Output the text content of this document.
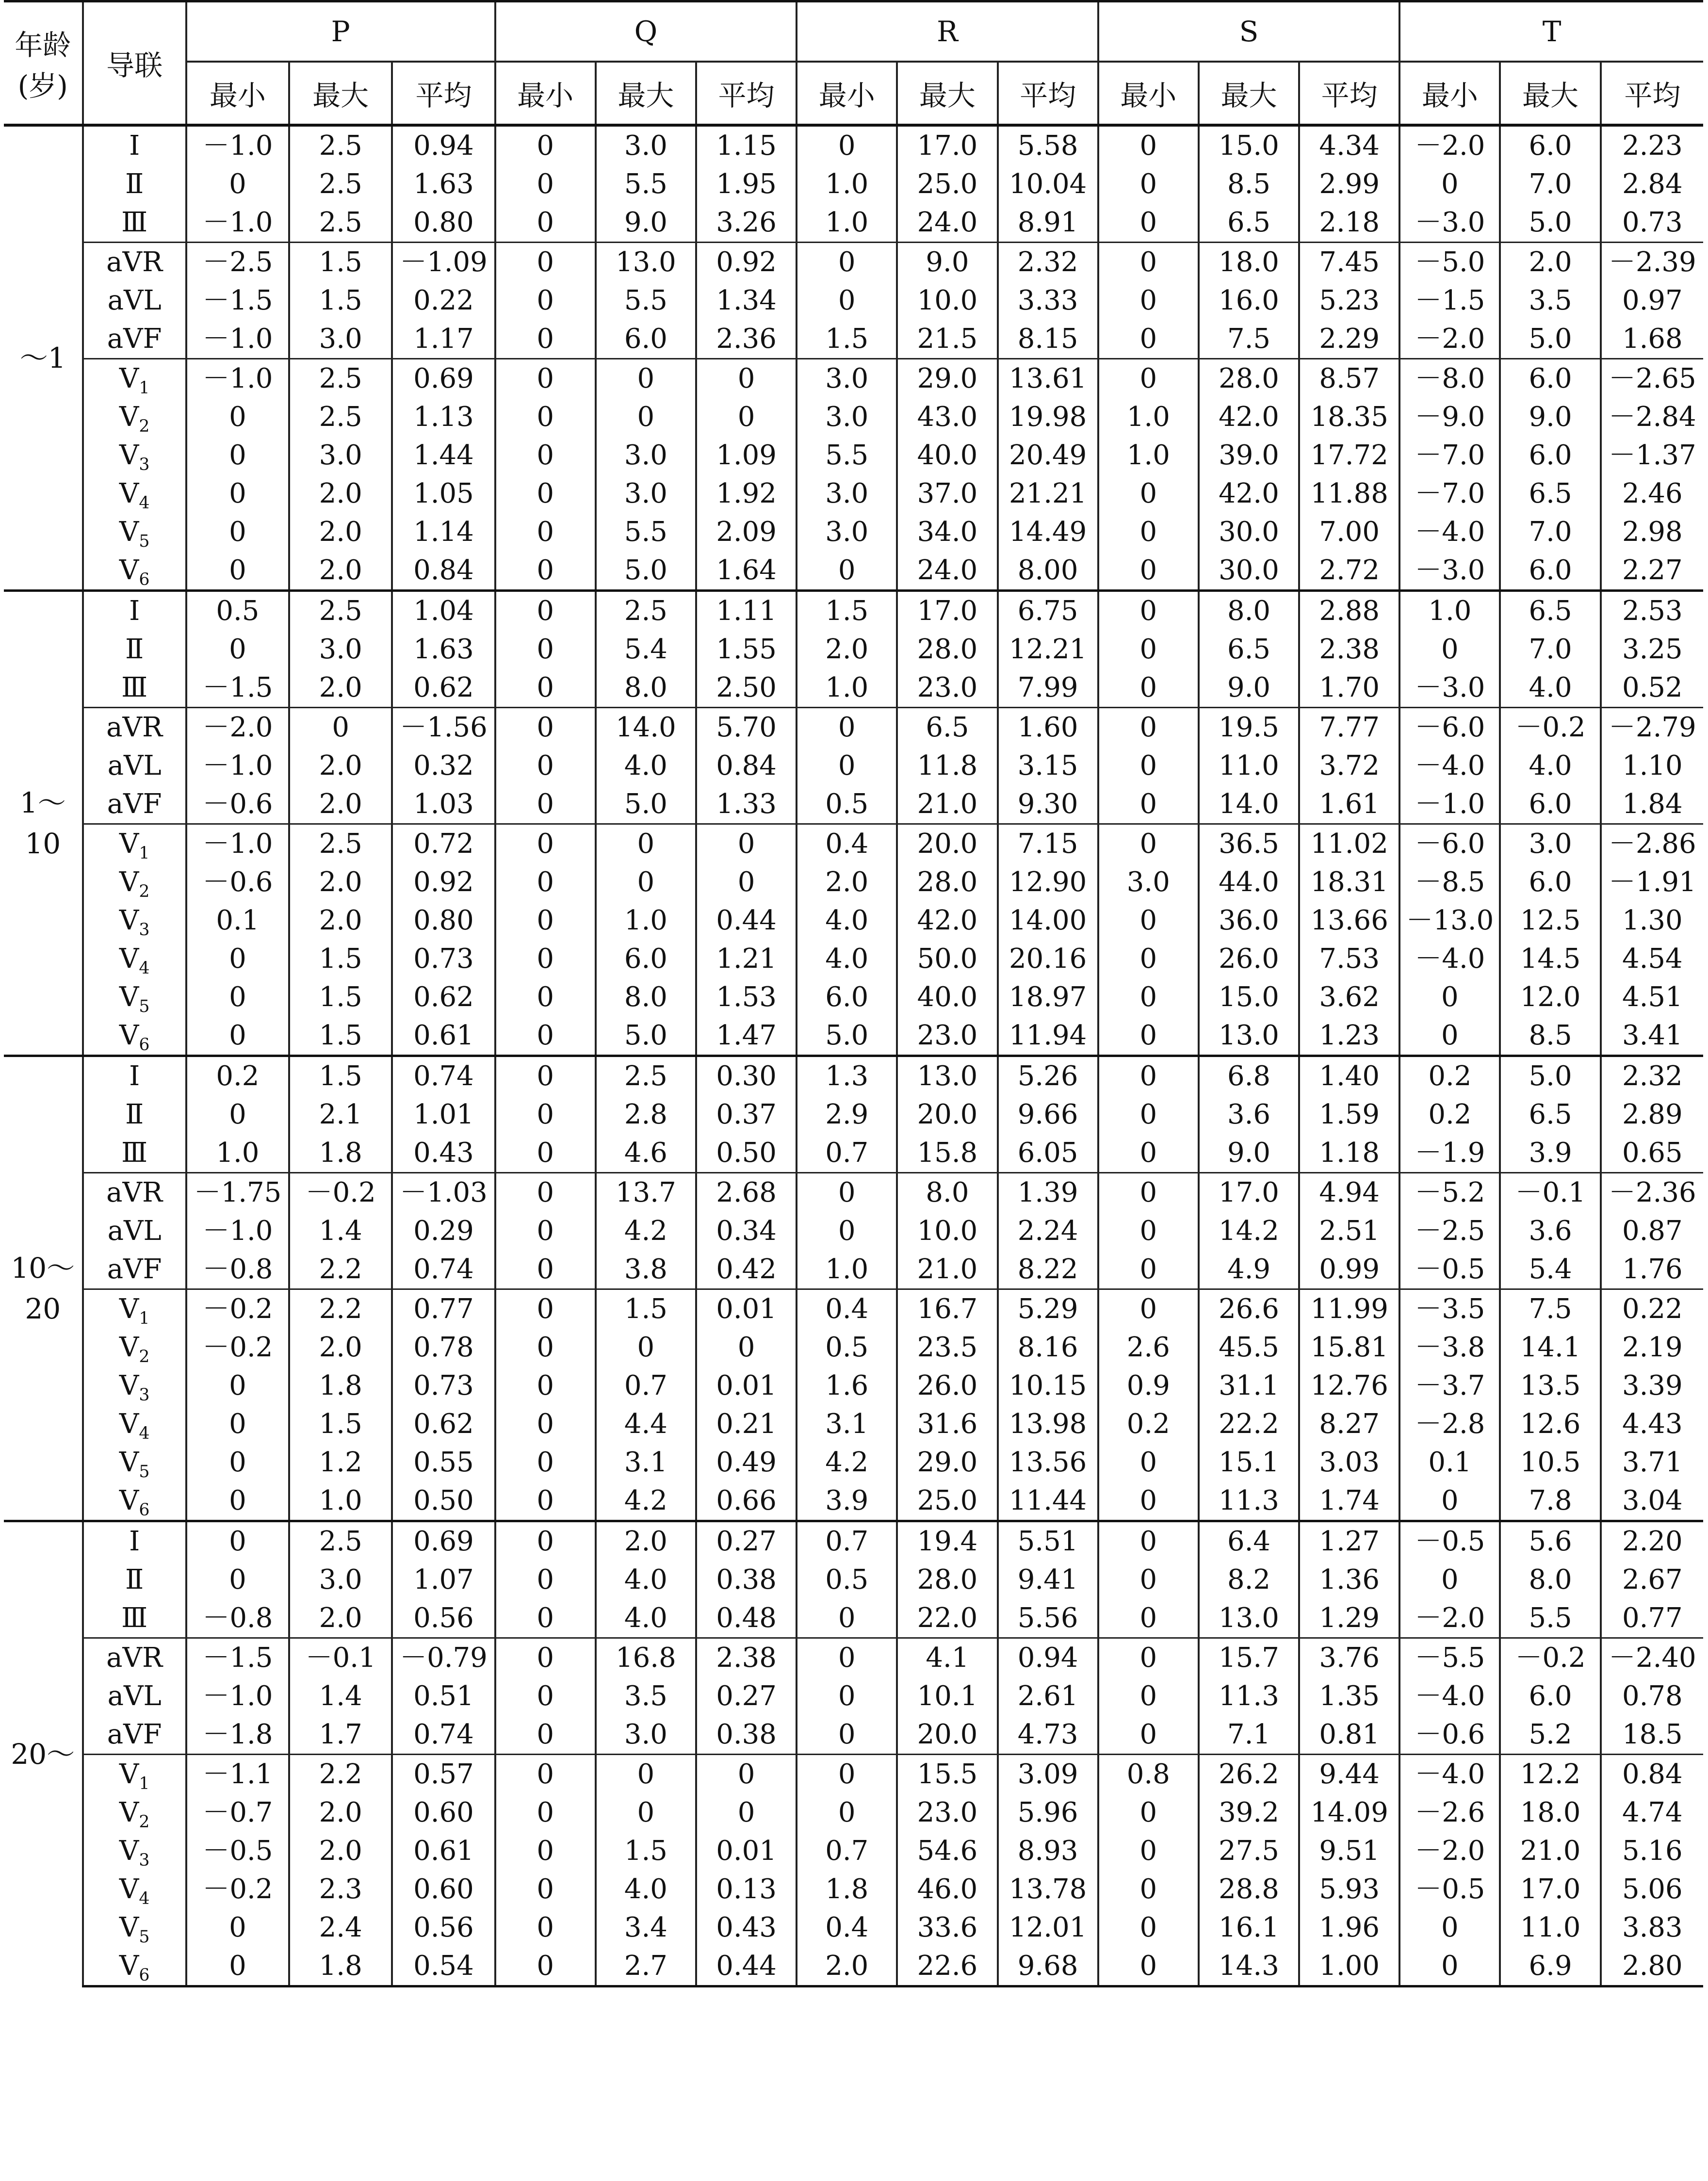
年龄
(岁)	导联	P			Q			R			S			T		
		最小	最大	平均	最小	最大	平均	最小	最大	平均	最小	最大	平均	最小	最大	平均

～1	Ⅰ	－1.0	2.5	0.94	0	3.0	1.15	0	17.0	5.58	0	15.0	4.34	－2.0	6.0	2.23
	Ⅱ	0	2.5	1.63	0	5.5	1.95	1.0	25.0	10.04	0	8.5	2.99	0	7.0	2.84
	Ⅲ	－1.0	2.5	0.80	0	9.0	3.26	1.0	24.0	8.91	0	6.5	2.18	－3.0	5.0	0.73
	aVR	－2.5	1.5	－1.09	0	13.0	0.92	0	9.0	2.32	0	18.0	7.45	－5.0	2.0	－2.39
	aVL	－1.5	1.5	0.22	0	5.5	1.34	0	10.0	3.33	0	16.0	5.23	－1.5	3.5	0.97
	aVF	－1.0	3.0	1.17	0	6.0	2.36	1.5	21.5	8.15	0	7.5	2.29	－2.0	5.0	1.68
	$V_1$	－1.0	2.5	0.69	0	0	0	3.0	29.0	13.61	0	28.0	8.57	－8.0	6.0	－2.65
	$V_2$	0	2.5	1.13	0	0	0	3.0	43.0	19.98	1.0	42.0	18.35	－9.0	9.0	－2.84
	$V_3$	0	3.0	1.44	0	3.0	1.09	5.5	40.0	20.49	1.0	39.0	17.72	－7.0	6.0	－1.37
	$V_4$	0	2.0	1.05	0	3.0	1.92	3.0	37.0	21.21	0	42.0	11.88	－7.0	6.5	2.46
	$V_5$	0	2.0	1.14	0	5.5	2.09	3.0	34.0	14.49	0	30.0	7.00	－4.0	7.0	2.98
	$V_6$	0	2.0	0.84	0	5.0	1.64	0	24.0	8.00	0	30.0	2.72	－3.0	6.0	2.27

1～
10	Ⅰ	0.5	2.5	1.04	0	2.5	1.11	1.5	17.0	6.75	0	8.0	2.88	1.0	6.5	2.53
	Ⅱ	0	3.0	1.63	0	5.4	1.55	2.0	28.0	12.21	0	6.5	2.38	0	7.0	3.25
	Ⅲ	－1.5	2.0	0.62	0	8.0	2.50	1.0	23.0	7.99	0	9.0	1.70	－3.0	4.0	0.52
	aVR	－2.0	0	－1.56	0	14.0	5.70	0	6.5	1.60	0	19.5	7.77	－6.0	－0.2	－2.79
	aVL	－1.0	2.0	0.32	0	4.0	0.84	0	11.8	3.15	0	11.0	3.72	－4.0	4.0	1.10
	aVF	－0.6	2.0	1.03	0	5.0	1.33	0.5	21.0	9.30	0	14.0	1.61	－1.0	6.0	1.84
	$V_1$	－1.0	2.5	0.72	0	0	0	0.4	20.0	7.15	0	36.5	11.02	－6.0	3.0	－2.86
	$V_2$	－0.6	2.0	0.92	0	0	0	2.0	28.0	12.90	3.0	44.0	18.31	－8.5	6.0	－1.91
	$V_3$	0.1	2.0	0.80	0	1.0	0.44	4.0	42.0	14.00	0	36.0	13.66	－13.0	12.5	1.30
	$V_4$	0	1.5	0.73	0	6.0	1.21	4.0	50.0	20.16	0	26.0	7.53	－4.0	14.5	4.54
	$V_5$	0	1.5	0.62	0	8.0	1.53	6.0	40.0	18.97	0	15.0	3.62	0	12.0	4.51
	$V_6$	0	1.5	0.61	0	5.0	1.47	5.0	23.0	11.94	0	13.0	1.23	0	8.5	3.41

10～
20	Ⅰ	0.2	1.5	0.74	0	2.5	0.30	1.3	13.0	5.26	0	6.8	1.40	0.2	5.0	2.32
	Ⅱ	0	2.1	1.01	0	2.8	0.37	2.9	20.0	9.66	0	3.6	1.59	0.2	6.5	2.89
	Ⅲ	1.0	1.8	0.43	0	4.6	0.50	0.7	15.8	6.05	0	9.0	1.18	－1.9	3.9	0.65
	aVR	－1.75	－0.2	－1.03	0	13.7	2.68	0	8.0	1.39	0	17.0	4.94	－5.2	－0.1	－2.36
	aVL	－1.0	1.4	0.29	0	4.2	0.34	0	10.0	2.24	0	14.2	2.51	－2.5	3.6	0.87
	aVF	－0.8	2.2	0.74	0	3.8	0.42	1.0	21.0	8.22	0	4.9	0.99	－0.5	5.4	1.76
	$V_1$	－0.2	2.2	0.77	0	1.5	0.01	0.4	16.7	5.29	0	26.6	11.99	－3.5	7.5	0.22
	$V_2$	－0.2	2.0	0.78	0	0	0	0.5	23.5	8.16	2.6	45.5	15.81	－3.8	14.1	2.19
	$V_3$	0	1.8	0.73	0	0.7	0.01	1.6	26.0	10.15	0.9	31.1	12.76	－3.7	13.5	3.39
	$V_4$	0	1.5	0.62	0	4.4	0.21	3.1	31.6	13.98	0.2	22.2	8.27	－2.8	12.6	4.43
	$V_5$	0	1.2	0.55	0	3.1	0.49	4.2	29.0	13.56	0	15.1	3.03	0.1	10.5	3.71
	$V_6$	0	1.0	0.50	0	4.2	0.66	3.9	25.0	11.44	0	11.3	1.74	0	7.8	3.04

20～	Ⅰ	0	2.5	0.69	0	2.0	0.27	0.7	19.4	5.51	0	6.4	1.27	－0.5	5.6	2.20
	Ⅱ	0	3.0	1.07	0	4.0	0.38	0.5	28.0	9.41	0	8.2	1.36	0	8.0	2.67
	Ⅲ	－0.8	2.0	0.56	0	4.0	0.48	0	22.0	5.56	0	13.0	1.29	－2.0	5.5	0.77
	aVR	－1.5	－0.1	－0.79	0	16.8	2.38	0	4.1	0.94	0	15.7	3.76	－5.5	－0.2	－2.40
	aVL	－1.0	1.4	0.51	0	3.5	0.27	0	10.1	2.61	0	11.3	1.35	－4.0	6.0	0.78
	aVF	－1.8	1.7	0.74	0	3.0	0.38	0	20.0	4.73	0	7.1	0.81	－0.6	5.2	18.5
	$V_1$	－1.1	2.2	0.57	0	0	0	0	15.5	3.09	0.8	26.2	9.44	－4.0	12.2	0.84
	$V_2$	－0.7	2.0	0.60	0	0	0	0	23.0	5.96	0	39.2	14.09	－2.6	18.0	4.74
	$V_3$	－0.5	2.0	0.61	0	1.5	0.01	0.7	54.6	8.93	0	27.5	9.51	－2.0	21.0	5.16
	$V_4$	－0.2	2.3	0.60	0	4.0	0.13	1.8	46.0	13.78	0	28.8	5.93	－0.5	17.0	5.06
	$V_5$	0	2.4	0.56	0	3.4	0.43	0.4	33.6	12.01	0	16.1	1.96	0	11.0	3.83
	$V_6$	0	1.8	0.54	0	2.7	0.44	2.0	22.6	9.68	0	14.3	1.00	0	6.9	2.80
